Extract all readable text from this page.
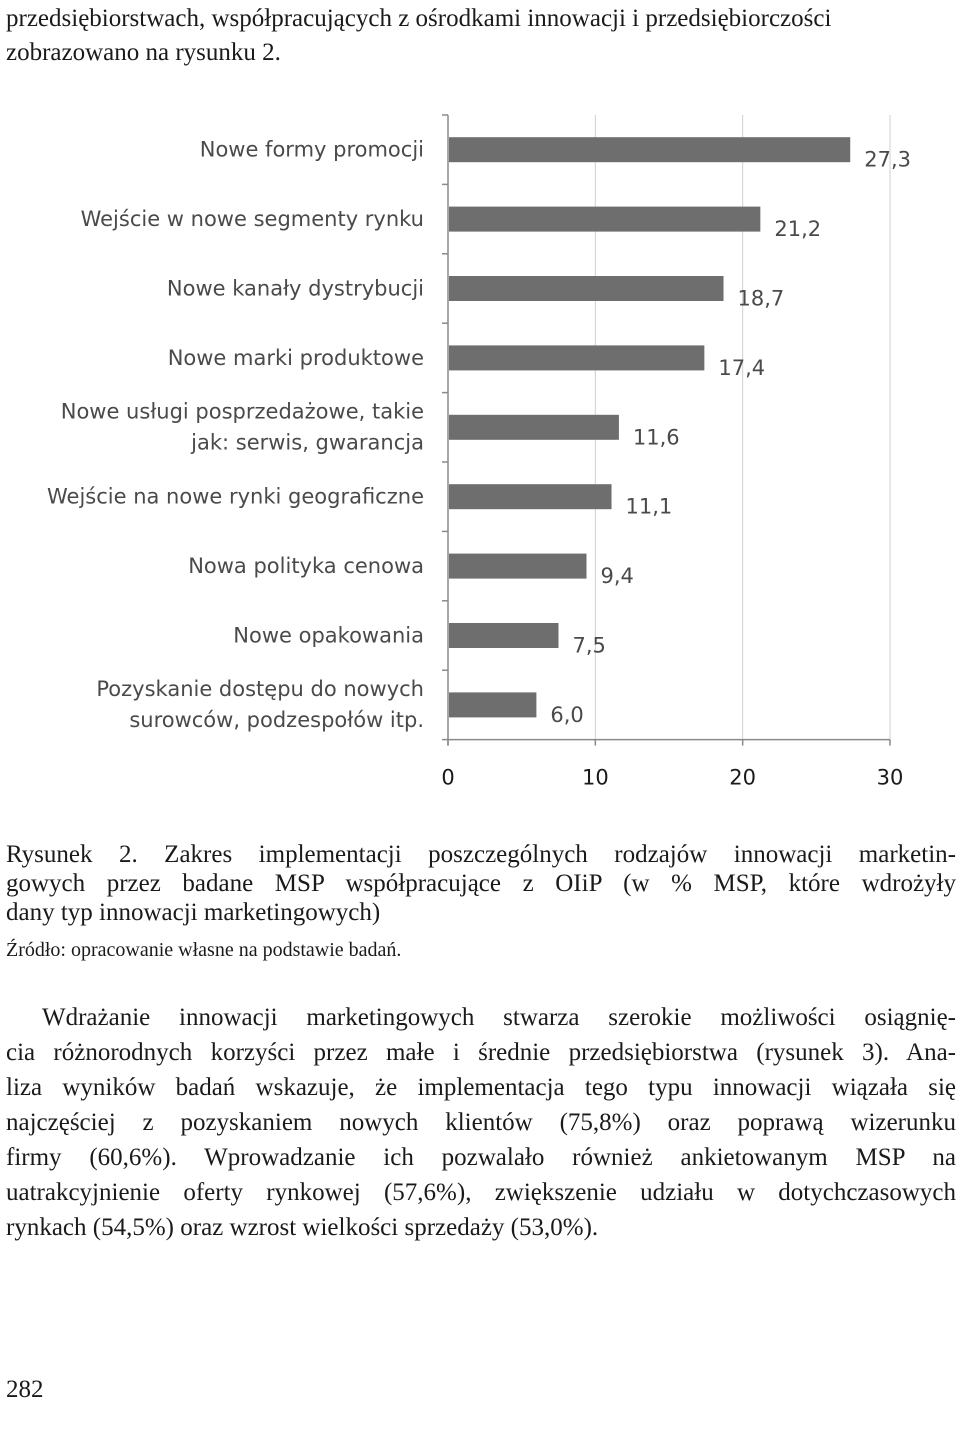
przedsiębiorstwach, współpracujących z ośrodkami innowacji i przedsiębiorczości
zobrazowano na rysunku 2.
27,3
Nowe formy promocji
21,2
Wejście w nowe segmenty rynku
18,7
Nowe kanały dystrybucji
17,4
Nowe marki produktowe
11,6
Nowe usługi posprzedażowe, takie
jak: serwis, gwarancja
11,1
Wejście na nowe rynki geograficzne
9,4
Nowa polityka cenowa
7,5
Nowe opakowania
6,0
Pozyskanie dostępu do nowych
surowców, podzespołów itp.
0	10	20	30
Rysunek 2. Zakres implementacji poszczególnych rodzajów innowacji marketin-
gowych przez badane MSP współpracujące z OIiP (w % MSP, które wdrożyły
dany typ innowacji marketingowych)
Źródło: opracowanie własne na podstawie badań.
Wdrażanie innowacji marketingowych stwarza szerokie możliwości osiągnię-
cia różnorodnych korzyści przez małe i średnie przedsiębiorstwa (rysunek 3). Ana-
liza wyników badań wskazuje, że implementacja tego typu innowacji wiązała się
najczęściej z pozyskaniem nowych klientów (75,8%) oraz poprawą wizerunku
firmy (60,6%). Wprowadzanie ich pozwalało również ankietowanym MSP na
uatrakcyjnienie oferty rynkowej (57,6%), zwiększenie udziału w dotychczasowych
rynkach (54,5%) oraz wzrost wielkości sprzedaży (53,0%).
282
